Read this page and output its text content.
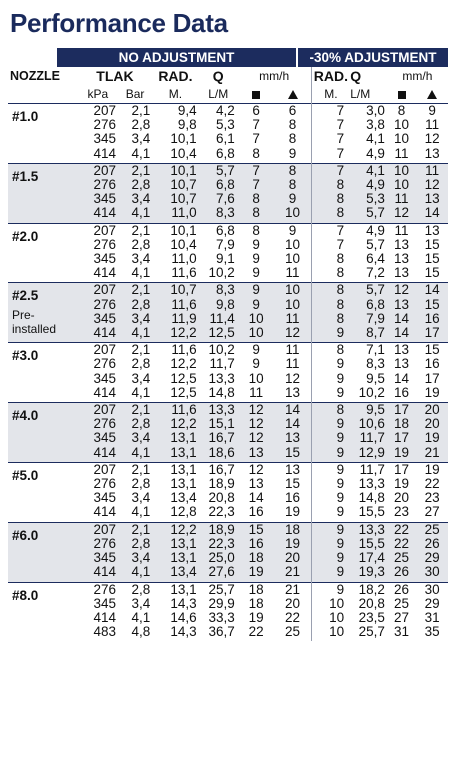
Performance Data
NO ADJUSTMENT	-30% ADJUSTMENT
NOZZLE	TLAK		RAD.	Q	mm/h		RAD.	Q	mm/h	
	kPa	Bar	M.	L/M			M.	L/M		

#1.0	207	2,1	9,4	4,2	6	6	7	3,0	8	9
	276	2,8	9,8	5,3	7	8	7	3,8	10	11
	345	3,4	10,1	6,1	7	8	7	4,1	10	12
	414	4,1	10,4	6,8	8	9	7	4,9	11	13

#1.5	207	2,1	10,1	5,7	7	8	7	4,1	10	11
	276	2,8	10,7	6,8	7	8	8	4,9	10	12
	345	3,4	10,7	7,6	8	9	8	5,3	11	13
	414	4,1	11,0	8,3	8	10	8	5,7	12	14

#2.0	207	2,1	10,1	6,8	8	9	7	4,9	11	13
	276	2,8	10,4	7,9	9	10	7	5,7	13	15
	345	3,4	11,0	9,1	9	10	8	6,4	13	15
	414	4,1	11,6	10,2	9	11	8	7,2	13	15

#2.5
Pre-installed	207	2,1	10,7	8,3	9	10	8	5,7	12	14
	276	2,8	11,6	9,8	9	10	8	6,8	13	15
	345	3,4	11,9	11,4	10	11	8	7,9	14	16
	414	4,1	12,2	12,5	10	12	9	8,7	14	17

#3.0	207	2,1	11,6	10,2	9	11	8	7,1	13	15
	276	2,8	12,2	11,7	9	11	9	8,3	13	16
	345	3,4	12,5	13,3	10	12	9	9,5	14	17
	414	4,1	12,5	14,8	11	13	9	10,2	16	19

#4.0	207	2,1	11,6	13,3	12	14	8	9,5	17	20
	276	2,8	12,2	15,1	12	14	9	10,6	18	20
	345	3,4	13,1	16,7	12	13	9	11,7	17	19
	414	4,1	13,1	18,6	13	15	9	12,9	19	21

#5.0	207	2,1	13,1	16,7	12	13	9	11,7	17	19
	276	2,8	13,1	18,9	13	15	9	13,3	19	22
	345	3,4	13,4	20,8	14	16	9	14,8	20	23
	414	4,1	12,8	22,3	16	19	9	15,5	23	27

#6.0	207	2,1	12,2	18,9	15	18	9	13,3	22	25
	276	2,8	13,1	22,3	16	19	9	15,5	22	26
	345	3,4	13,1	25,0	18	20	9	17,4	25	29
	414	4,1	13,4	27,6	19	21	9	19,3	26	30

#8.0	276	2,8	13,1	25,7	18	21	9	18,2	26	30
	345	3,4	14,3	29,9	18	20	10	20,8	25	29
	414	4,1	14,6	33,3	19	22	10	23,5	27	31
	483	4,8	14,3	36,7	22	25	10	25,7	31	35
